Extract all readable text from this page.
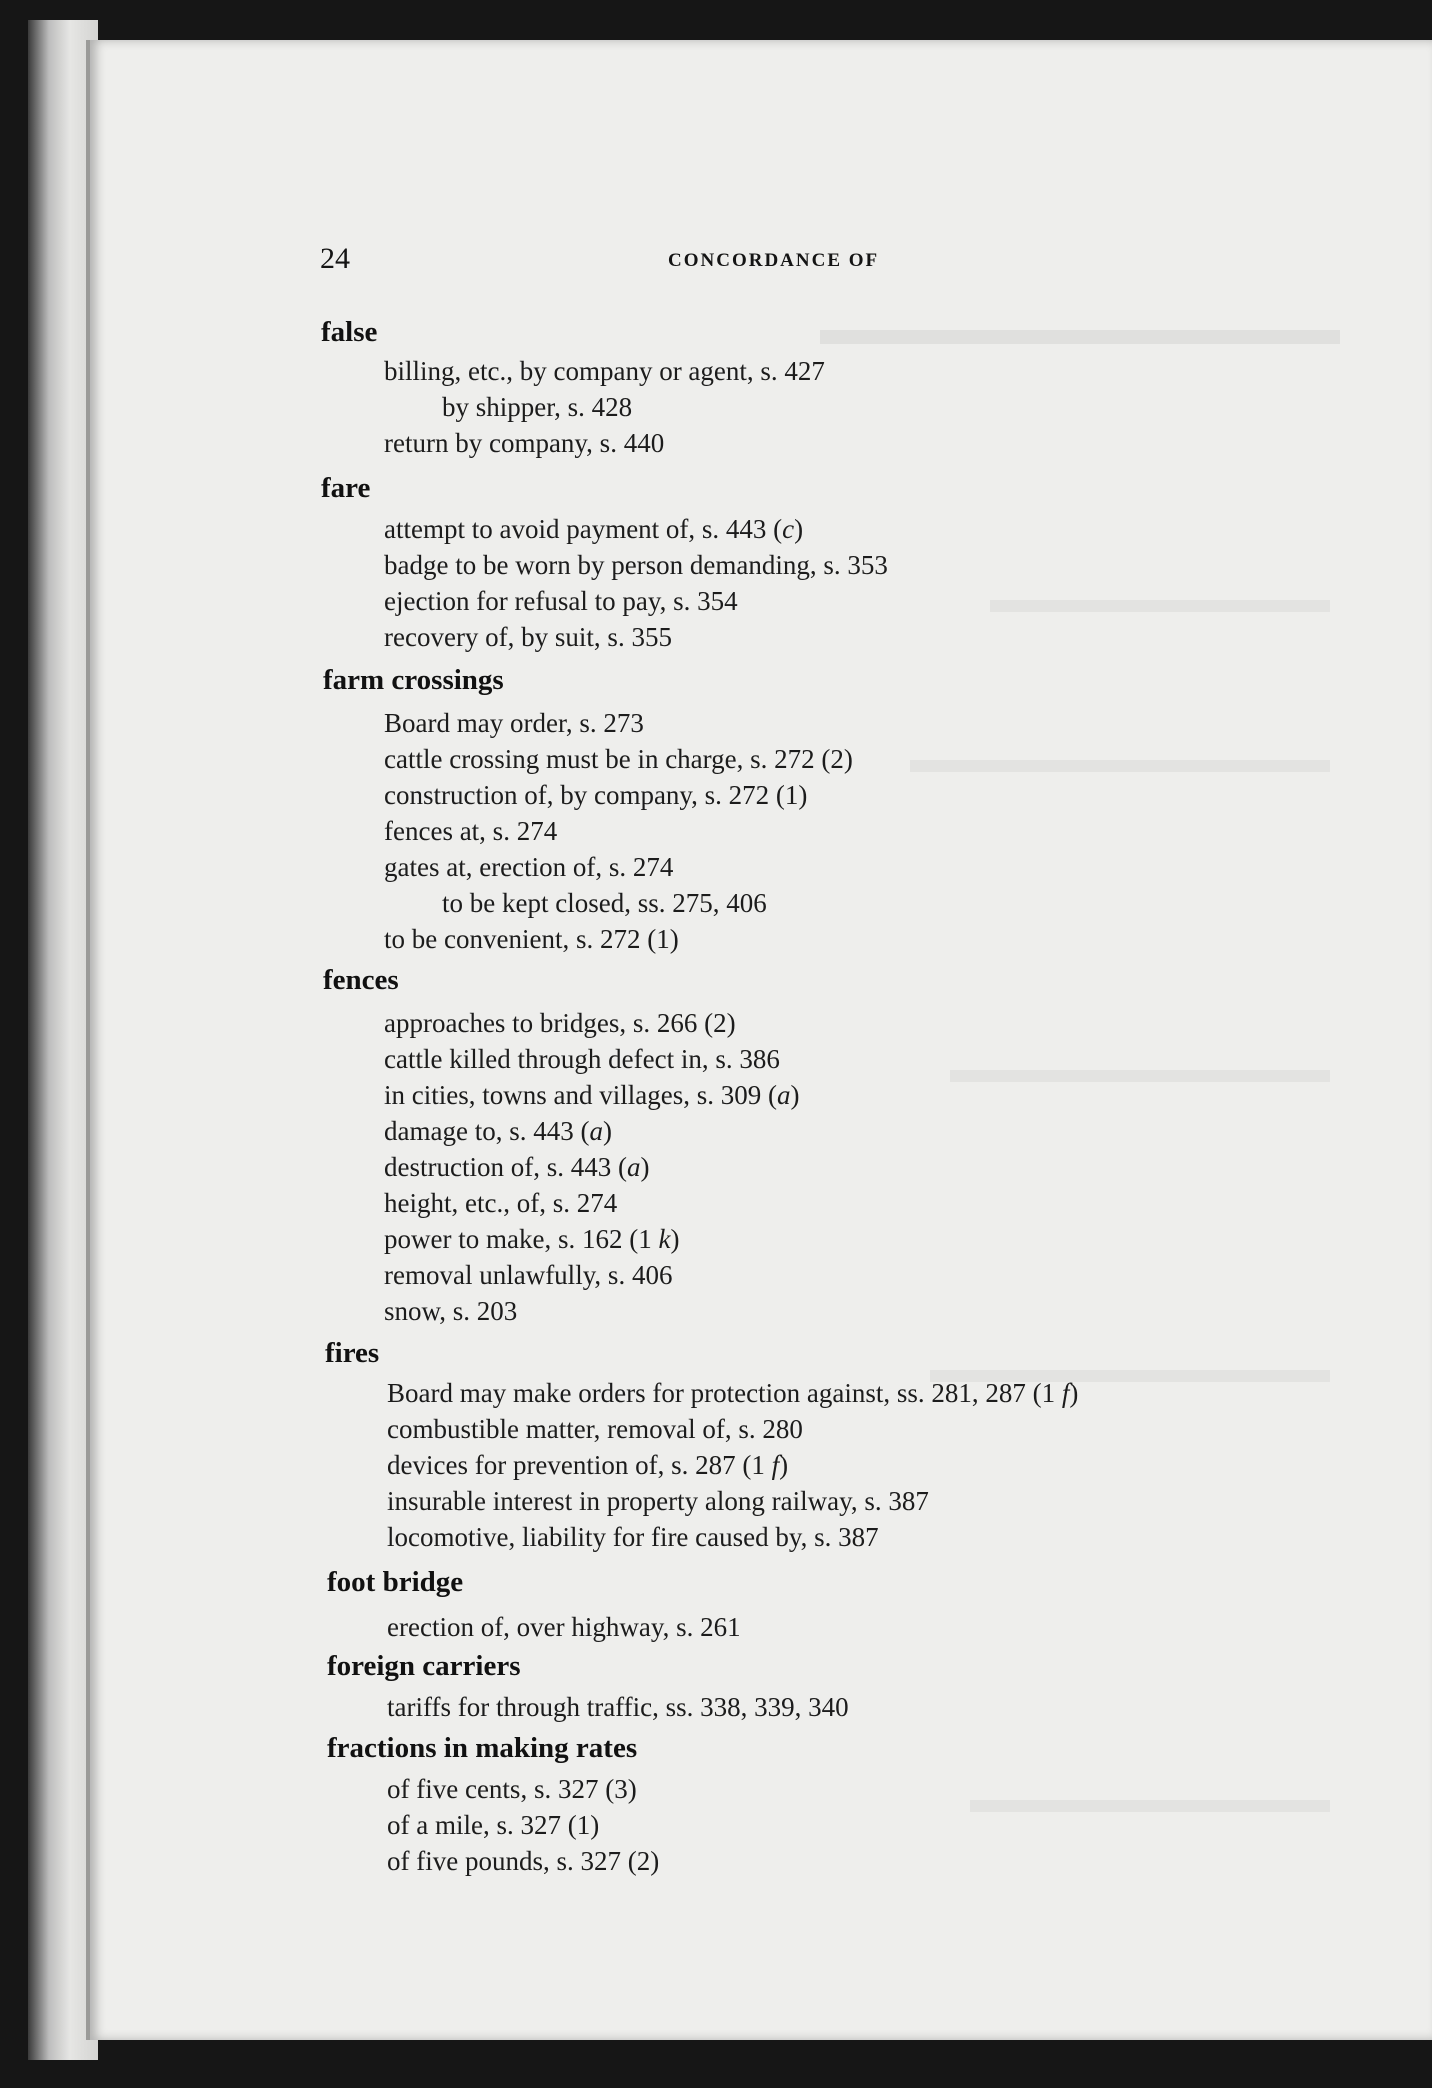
24	CONCORDANCE OF
false
billing, etc., by company or agent, s. 427
by shipper, s. 428
return by company, s. 440
fare
attempt to avoid payment of, s. 443 (c)
badge to be worn by person demanding, s. 353
ejection for refusal to pay, s. 354
recovery of, by suit, s. 355
farm crossings
Board may order, s. 273
cattle crossing must be in charge, s. 272 (2)
construction of, by company, s. 272 (1)
fences at, s. 274
gates at, erection of, s. 274
to be kept closed, ss. 275, 406
to be convenient, s. 272 (1)
fences
approaches to bridges, s. 266 (2)
cattle killed through defect in, s. 386
in cities, towns and villages, s. 309 (a)
damage to, s. 443 (a)
destruction of, s. 443 (a)
height, etc., of, s. 274
power to make, s. 162 (1 k)
removal unlawfully, s. 406
snow, s. 203
fires
Board may make orders for protection against, ss. 281, 287 (1 f)
combustible matter, removal of, s. 280
devices for prevention of, s. 287 (1 f)
insurable interest in property along railway, s. 387
locomotive, liability for fire caused by, s. 387
foot bridge
erection of, over highway, s. 261
foreign carriers
tariffs for through traffic, ss. 338, 339, 340
fractions in making rates
of five cents, s. 327 (3)
of a mile, s. 327 (1)
of five pounds, s. 327 (2)
